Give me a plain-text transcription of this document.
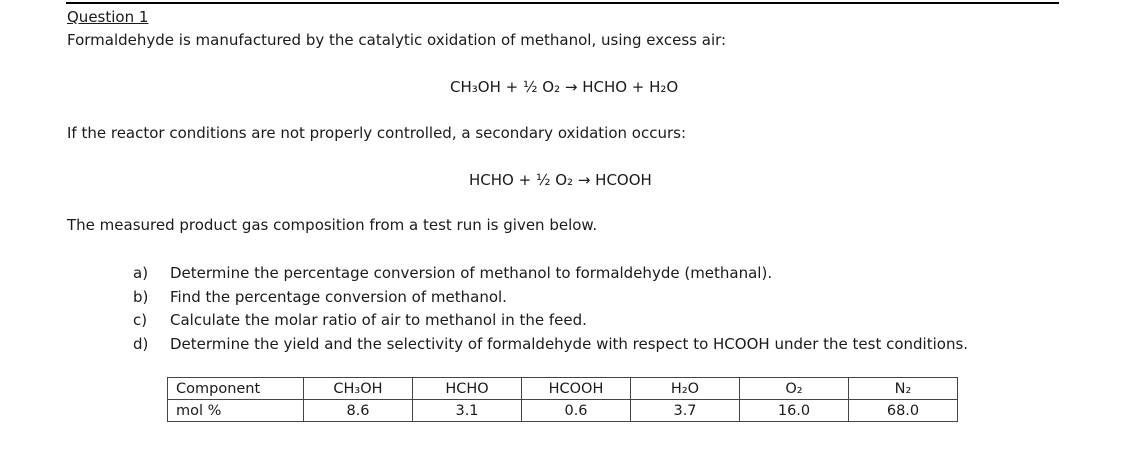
Question 1
Formaldehyde is manufactured by the catalytic oxidation of methanol, using excess air:
CH₃OH + ½ O₂ → HCHO + H₂O
If the reactor conditions are not properly controlled, a secondary oxidation occurs:
HCHO + ½ O₂ → HCOOH
The measured product gas composition from a test run is given below.
a) Determine the percentage conversion of methanol to formaldehyde (methanal).
b) Find the percentage conversion of methanol.
c) Calculate the molar ratio of air to methanol in the feed.
d) Determine the yield and the selectivity of formaldehyde with respect to HCOOH under the test conditions.
Component	CH₃OH	HCHO	HCOOH	H₂O	O₂	N₂
mol %	8.6	3.1	0.6	3.7	16.0	68.0
